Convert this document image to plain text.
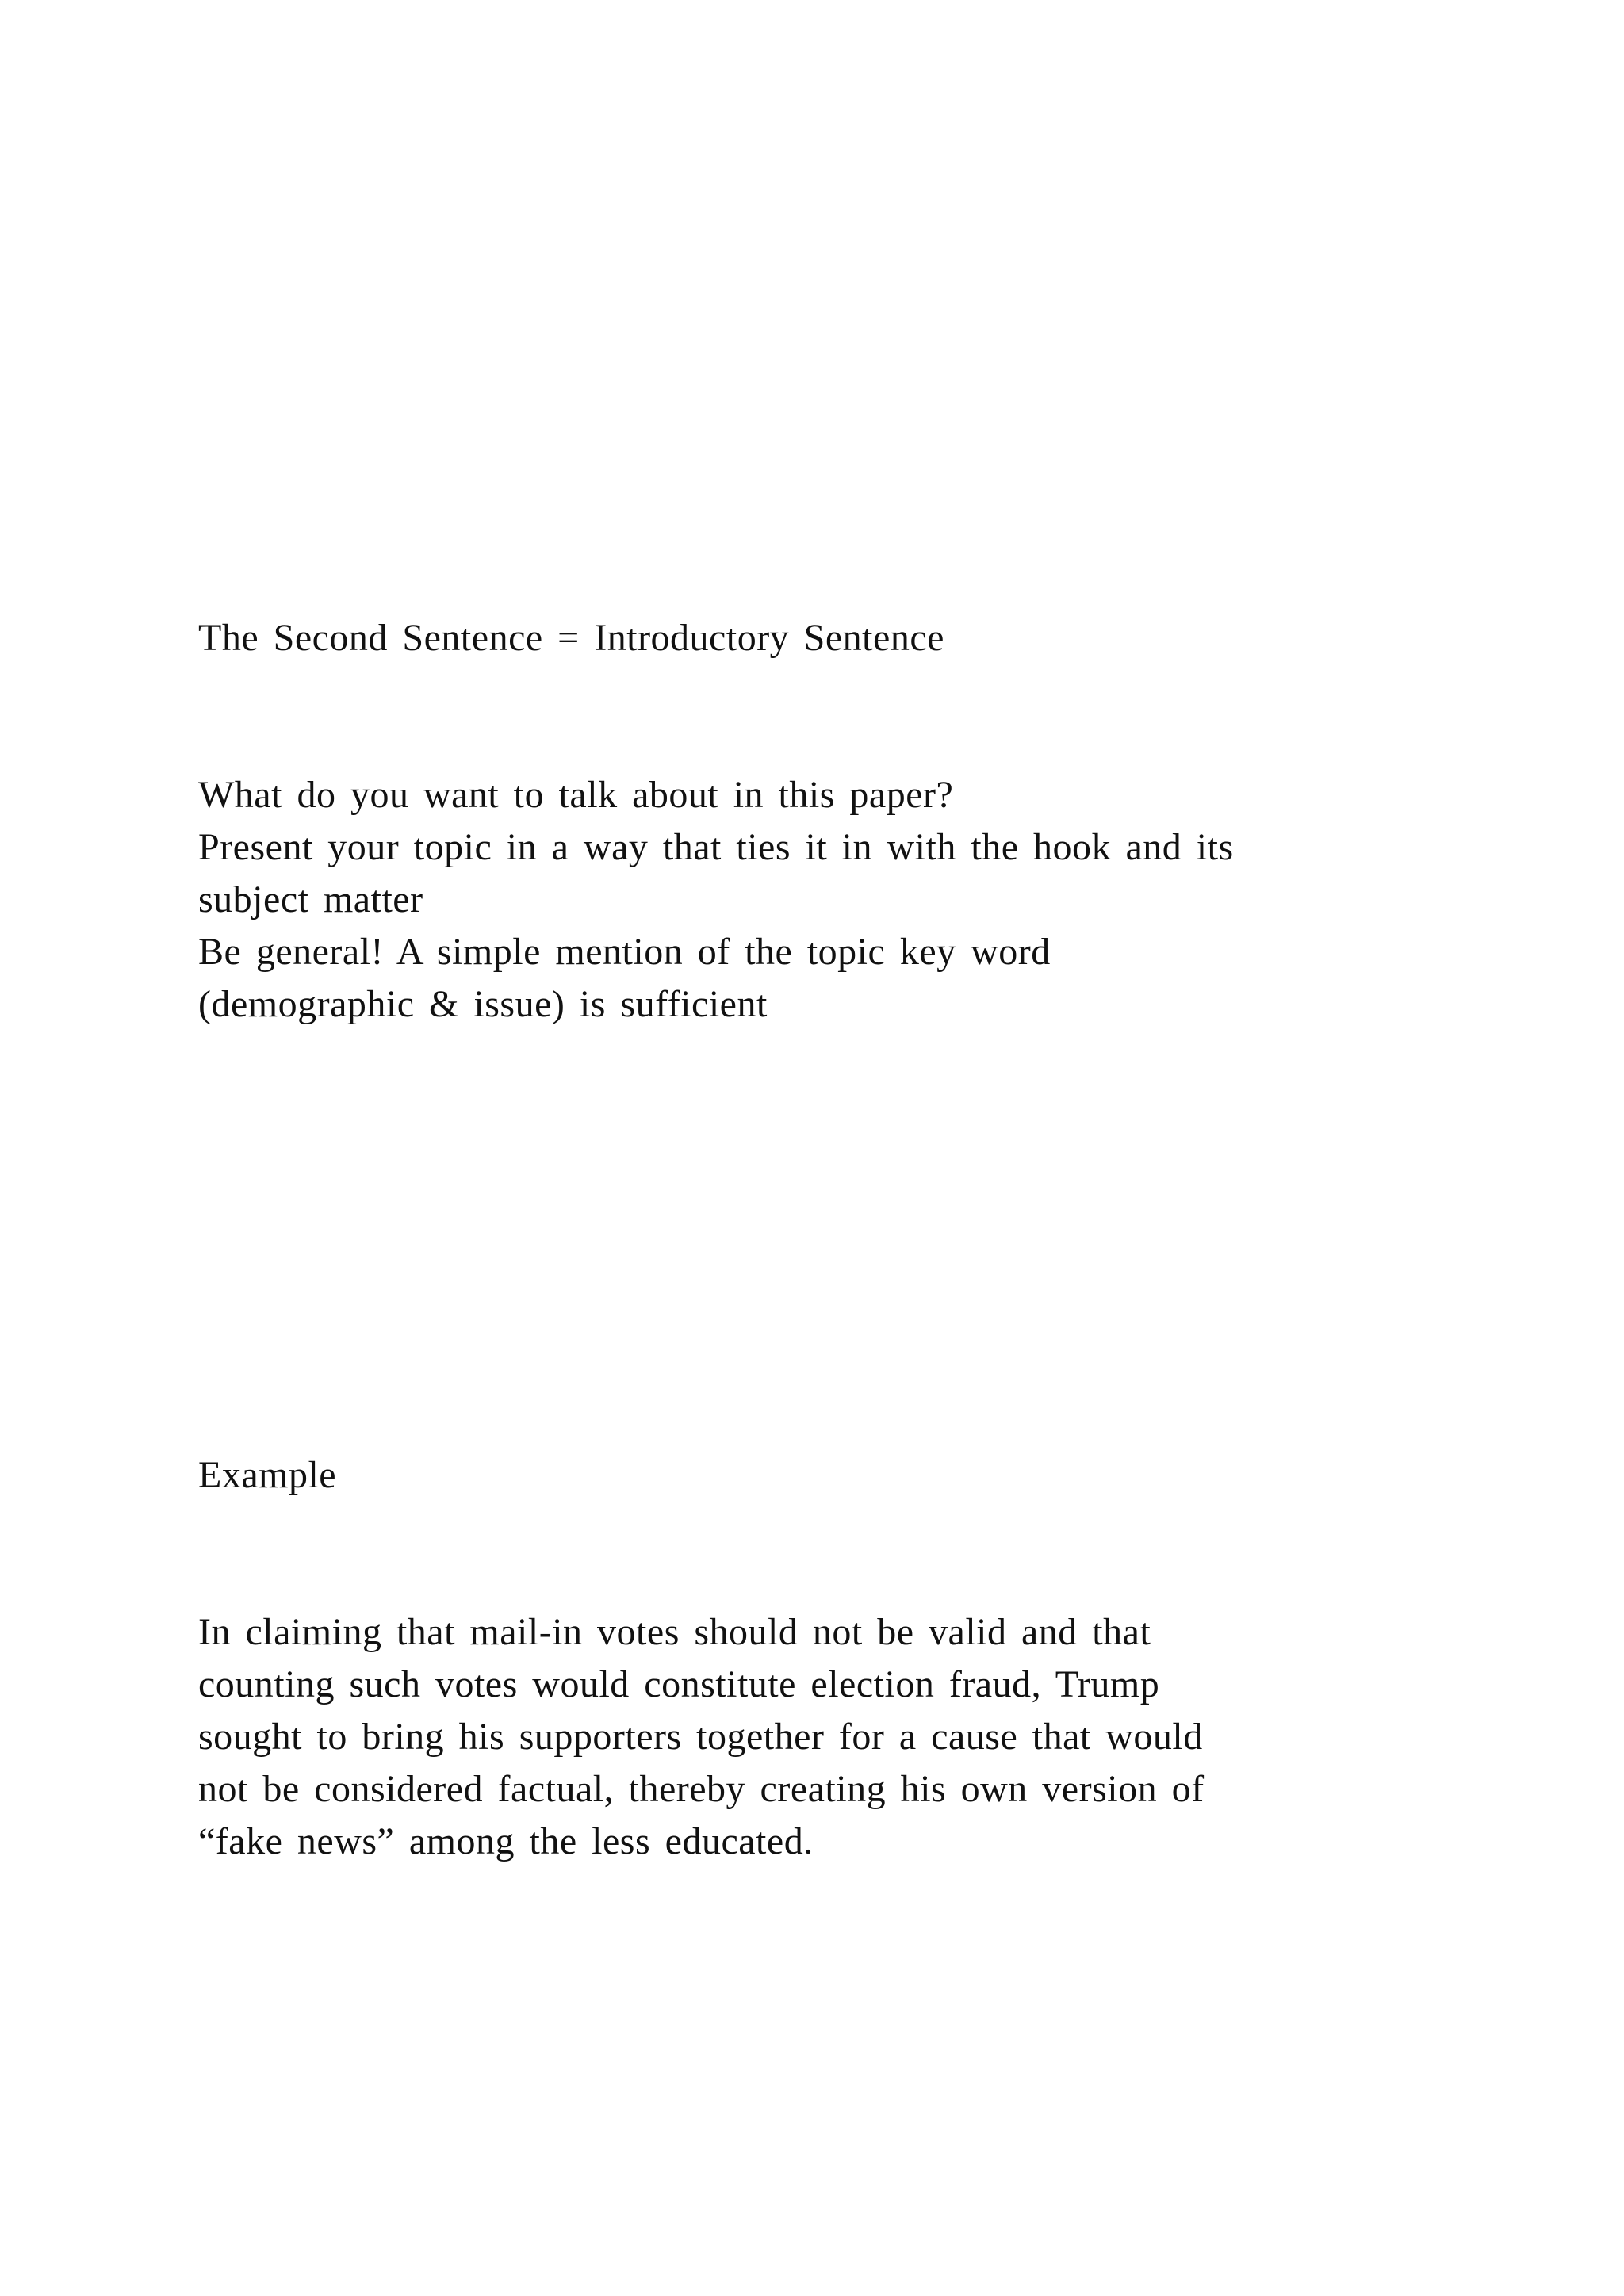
The Second Sentence = Introductory Sentence
What do you want to talk about in this paper?
Present your topic in a way that ties it in with the hook and its
subject matter
Be general! A simple mention of the topic key word
(demographic & issue) is sufficient
Example
In claiming that mail-in votes should not be valid and that
counting such votes would constitute election fraud, Trump
sought to bring his supporters together for a cause that would
not be considered factual, thereby creating his own version of
“fake news” among the less educated.
